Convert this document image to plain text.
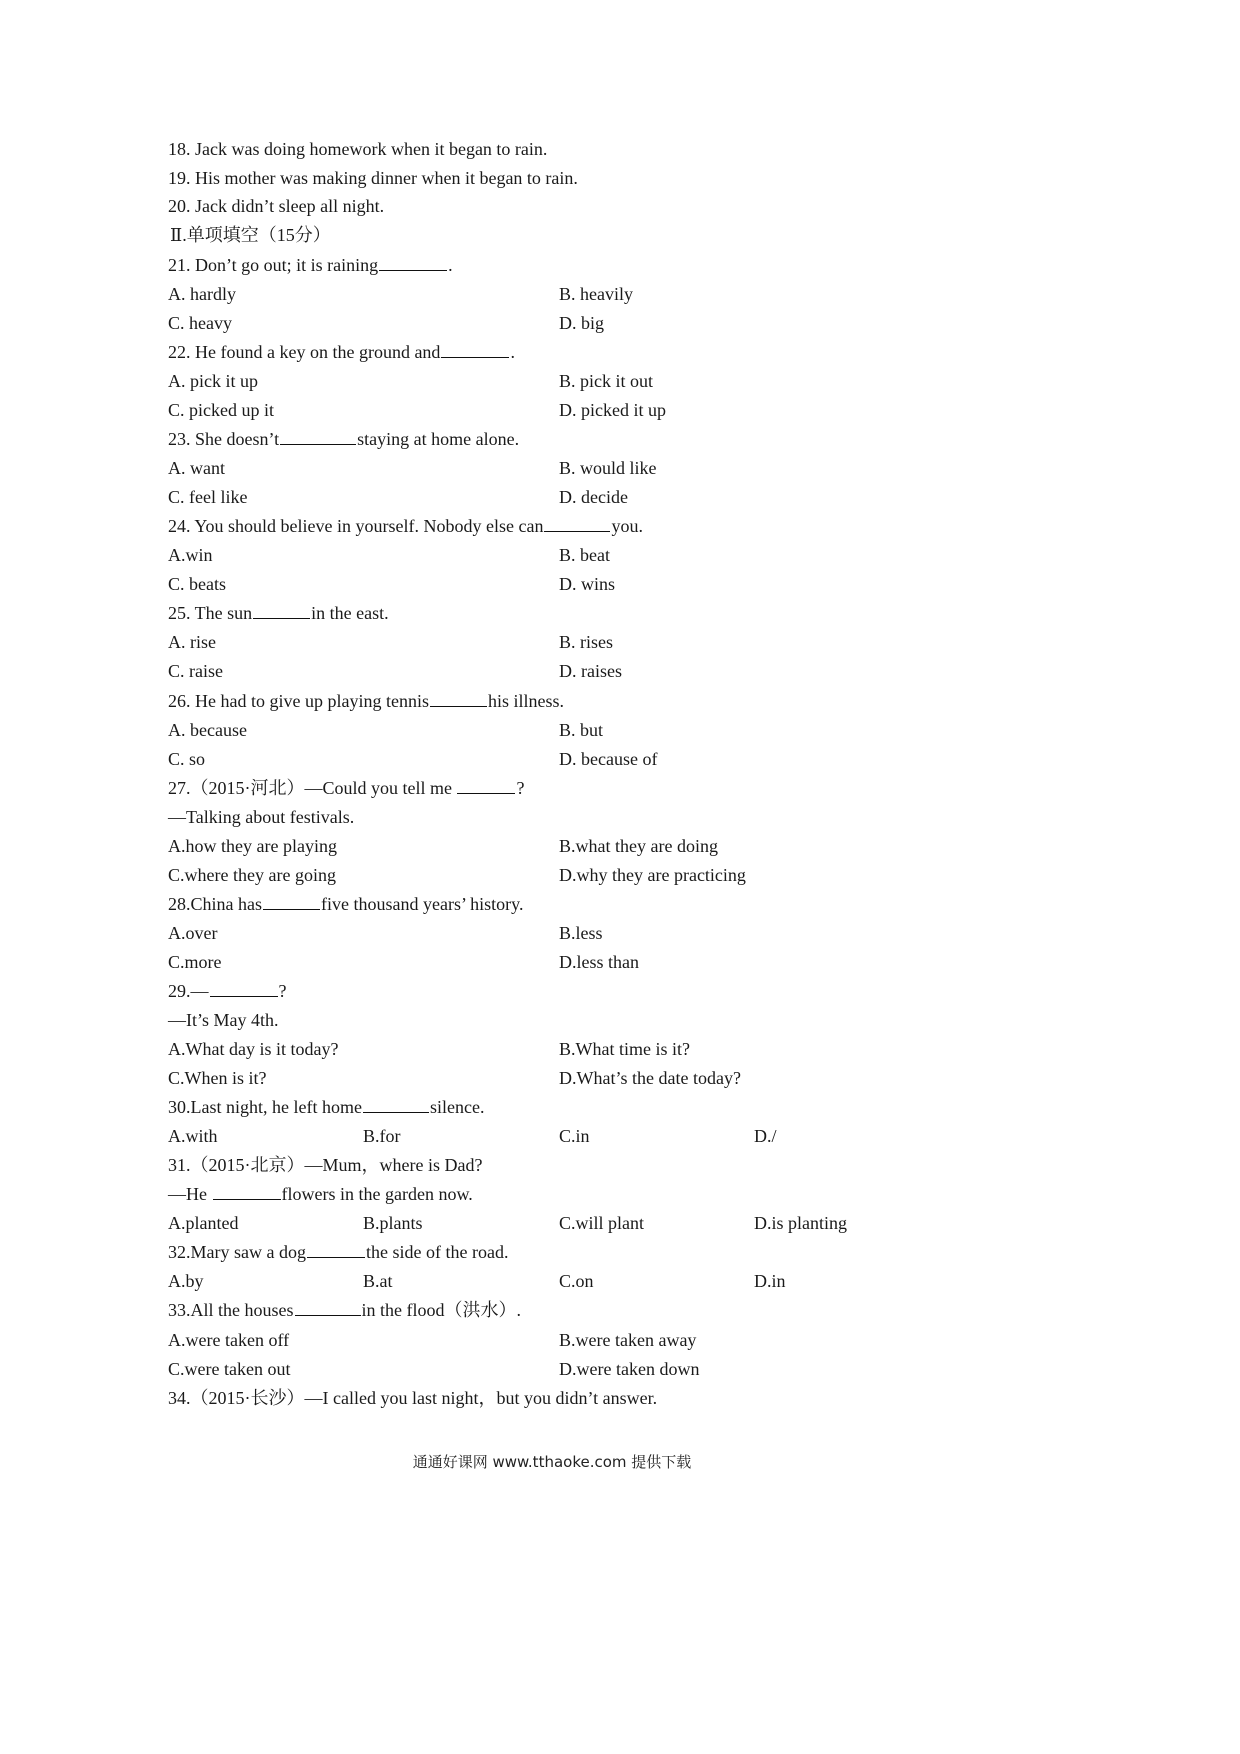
18. Jack was doing homework when it began to rain.
19. His mother was making dinner when it began to rain.
20. Jack didn’t sleep all night.
Ⅱ.单项填空（15分）
21. Don’t go out; it is raining	.
A. hardly	B. heavily
C. heavy	D. big
22. He found a key on the ground and	.
A. pick it up	B. pick it out
C. picked up it	D. picked it up
23. She doesn’t	staying at home alone.
A. want	B. would like
C. feel like	D. decide
24. You should believe in yourself. Nobody else can	you.
A.win	B. beat
C. beats	D. wins
25. The sun	in the east.
A. rise	B. rises
C. raise	D. raises
26. He had to give up playing tennis	his illness.
A. because	B. but
C. so	D. because of
27.（2015·河北）—Could you tell me	?
—Talking about festivals.
A.how they are playing	B.what they are doing
C.where they are going	D.why they are practicing
28.China has	five thousand years’ history.
A.over	B.less
C.more	D.less than
29.—	?
—It’s May 4th.
A.What day is it today?	B.What time is it?
C.When is it?	D.What’s the date today?
30.Last night, he left home	silence.
A.with	B.for	C.in	D./
31.（2015·北京）—Mum，where is Dad?
—He	flowers in the garden now.
A.planted	B.plants	C.will plant	D.is planting
32.Mary saw a dog	the side of the road.
A.by	B.at	C.on	D.in
33.All the houses	in the flood（洪水）.
A.were taken off	B.were taken away
C.were taken out	D.were taken down
34.（2015·长沙）—I called you last night，but you didn’t answer.
通通好课网 www.tthaoke.com 提供下载
